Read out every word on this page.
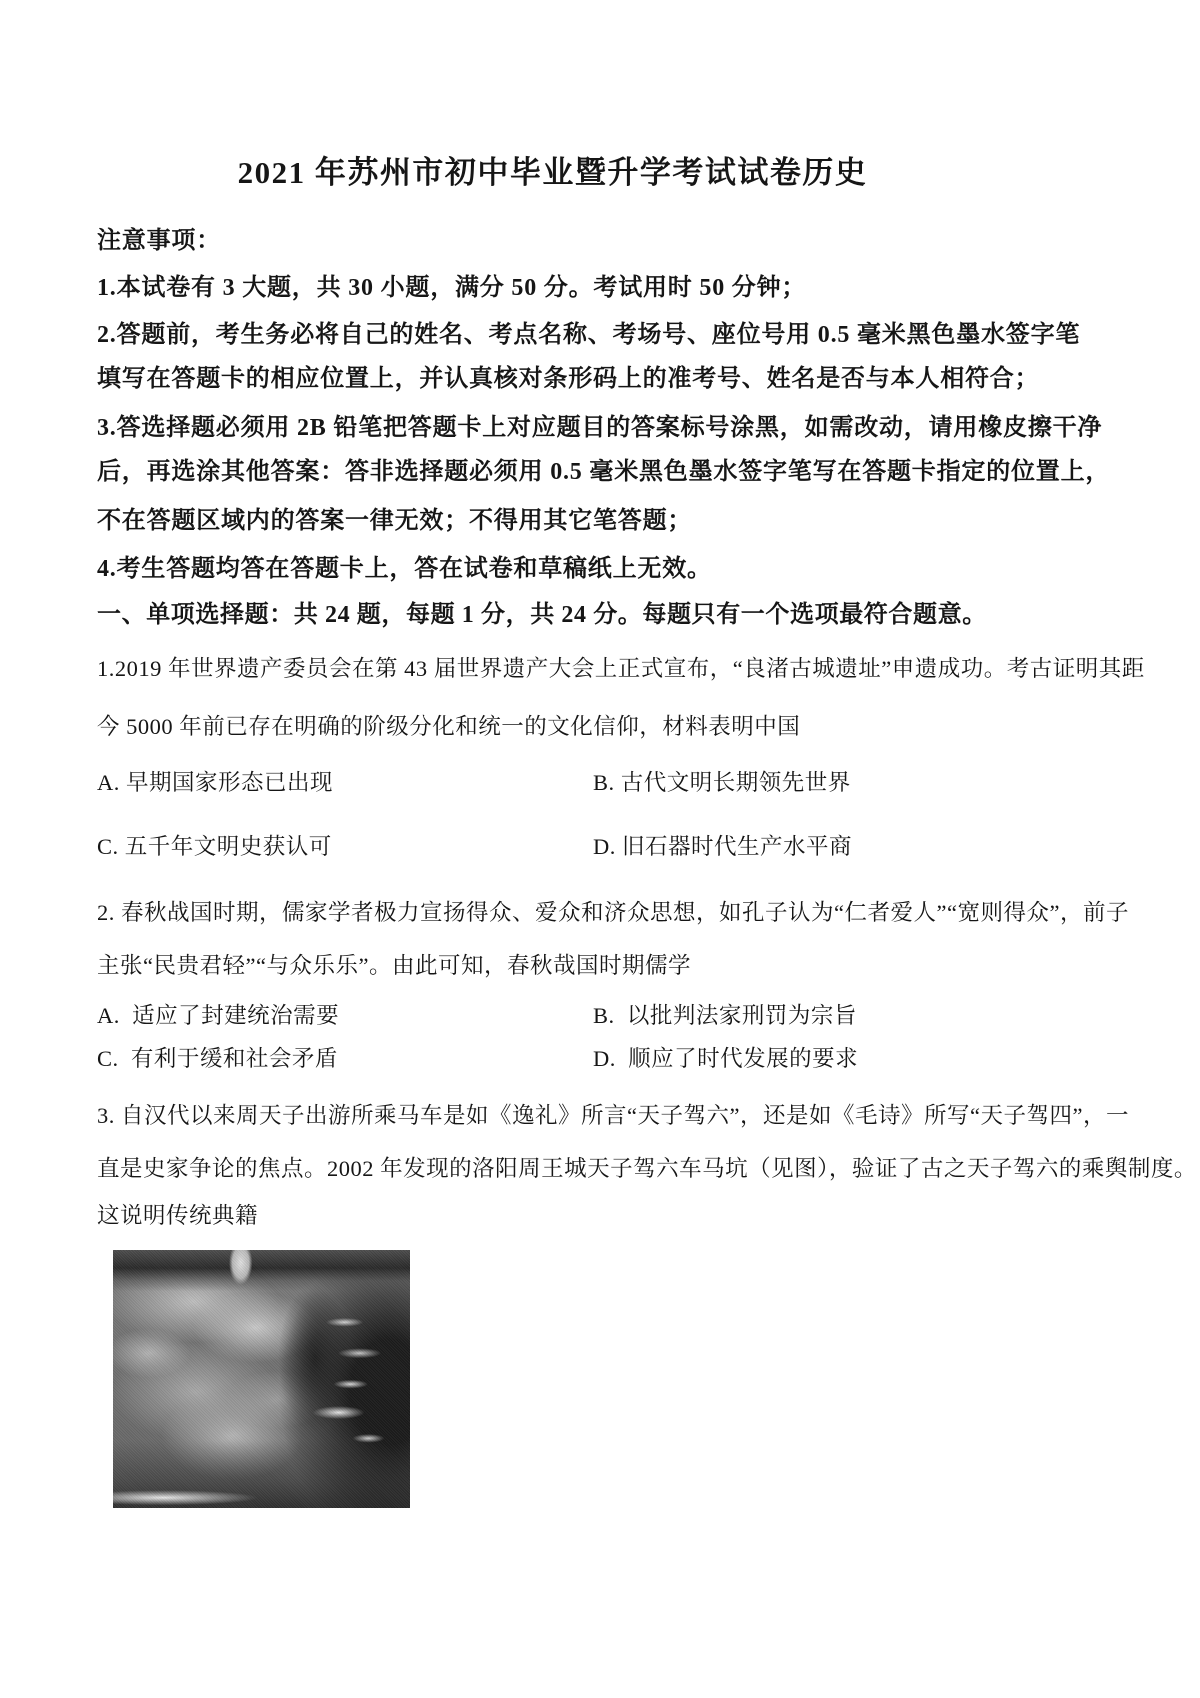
2021 年苏州市初中毕业暨升学考试试卷历史
注意事项：
1.本试卷有 3 大题，共 30 小题，满分 50 分。考试用时 50 分钟；
2.答题前，考生务必将自己的姓名、考点名称、考场号、座位号用 0.5 毫米黑色墨水签字笔
填写在答题卡的相应位置上，并认真核对条形码上的准考号、姓名是否与本人相符合；
3.答选择题必须用 2B 铅笔把答题卡上对应题目的答案标号涂黑，如需改动，请用橡皮擦干净
后，再选涂其他答案：答非选择题必须用 0.5 毫米黑色墨水签字笔写在答题卡指定的位置上，
不在答题区域内的答案一律无效；不得用其它笔答题；
4.考生答题均答在答题卡上，答在试卷和草稿纸上无效。
一、单项选择题：共 24 题，每题 1 分，共 24 分。每题只有一个选项最符合题意。
1.2019 年世界遗产委员会在第 43 届世界遗产大会上正式宣布，“良渚古城遗址”申遗成功。考古证明其距
今 5000 年前已存在明确的阶级分化和统一的文化信仰，材料表明中国
A. 早期国家形态已出现	B. 古代文明长期领先世界
C. 五千年文明史获认可	D. 旧石器时代生产水平商
2. 春秋战国时期，儒家学者极力宣扬得众、爱众和济众思想，如孔子认为“仁者爱人”“宽则得众”，前子
主张“民贵君轻”“与众乐乐”。由此可知，春秋哉国时期儒学
A.  适应了封建统治需要	B.  以批判法家刑罚为宗旨
C.  有利于缓和社会矛盾	D.  顺应了时代发展的要求
3. 自汉代以来周天子出游所乘马车是如《逸礼》所言“天子驾六”，还是如《毛诗》所写“天子驾四”，一
直是史家争论的焦点。2002 年发现的洛阳周王城天子驾六车马坑（见图），验证了古之天子驾六的乘舆制度。
这说明传统典籍
